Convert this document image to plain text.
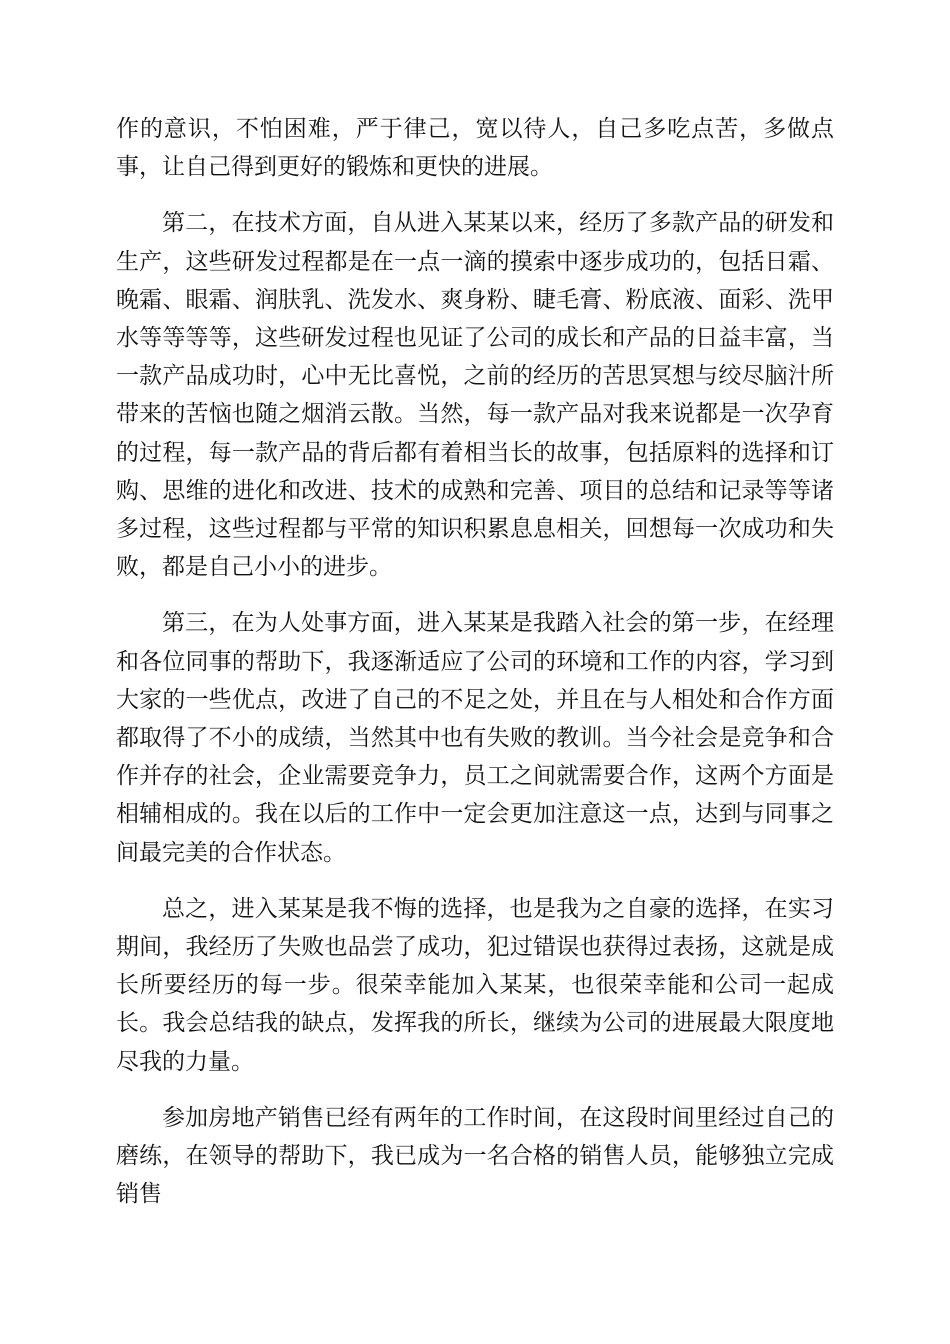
作的意识，不怕困难，严于律己，宽以待人，自己多吃点苦，多做点事，让自己得到更好的锻炼和更快的进展。

第二，在技术方面，自从进入某某以来，经历了多款产品的研发和生产，这些研发过程都是在一点一滴的摸索中逐步成功的，包括日霜、晚霜、眼霜、润肤乳、洗发水、爽身粉、睫毛膏、粉底液、面彩、洗甲水等等等等，这些研发过程也见证了公司的成长和产品的日益丰富，当一款产品成功时，心中无比喜悦，之前的经历的苦思冥想与绞尽脑汁所带来的苦恼也随之烟消云散。当然，每一款产品对我来说都是一次孕育的过程，每一款产品的背后都有着相当长的故事，包括原料的选择和订购、思维的进化和改进、技术的成熟和完善、项目的总结和记录等等诸多过程，这些过程都与平常的知识积累息息相关，回想每一次成功和失败，都是自己小小的进步。

第三，在为人处事方面，进入某某是我踏入社会的第一步，在经理和各位同事的帮助下，我逐渐适应了公司的环境和工作的内容，学习到大家的一些优点，改进了自己的不足之处，并且在与人相处和合作方面都取得了不小的成绩，当然其中也有失败的教训。当今社会是竞争和合作并存的社会，企业需要竞争力，员工之间就需要合作，这两个方面是相辅相成的。我在以后的工作中一定会更加注意这一点，达到与同事之间最完美的合作状态。

总之，进入某某是我不悔的选择，也是我为之自豪的选择，在实习期间，我经历了失败也品尝了成功，犯过错误也获得过表扬，这就是成长所要经历的每一步。很荣幸能加入某某，也很荣幸能和公司一起成长。我会总结我的缺点，发挥我的所长，继续为公司的进展最大限度地尽我的力量。

参加房地产销售已经有两年的工作时间，在这段时间里经过自己的磨练，在领导的帮助下，我已成为一名合格的销售人员，能够独立完成销售
